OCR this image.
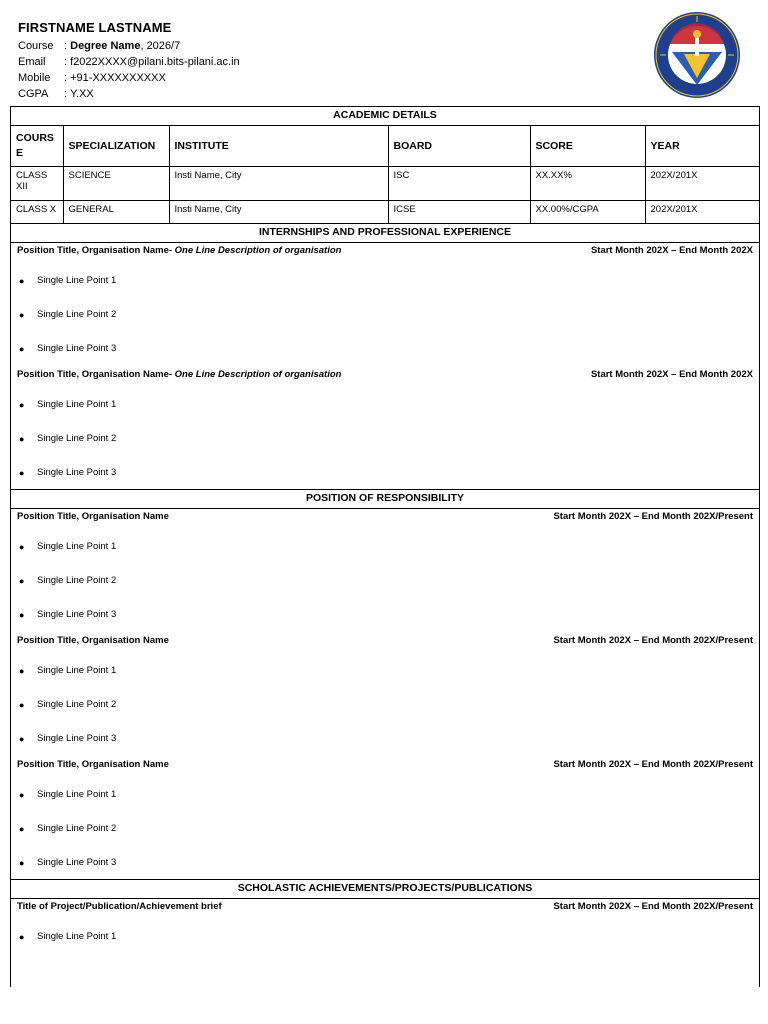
FIRSTNAME LASTNAME
Course :
Degree Name, 2026/7
Email	:
f2022XXXX@pilani.bits-pilani.ac.in
Mobile	:
+91-XXXXXXXXXX
CGPA	:
Y.XX
ACADEMIC DETAILS
COURS
E	SPECIALIZATION	INSTITUTE	BOARD	SCORE	YEAR
CLASS XII	SCIENCE	Insti Name, City	ISC	XX.XX%	202X/201X
CLASS X	GENERAL	Insti Name, City	ICSE	XX.00%/CGPA	202X/201X
INTERNSHIPS AND PROFESSIONAL EXPERIENCE
Position Title, Organisation Name- One Line Description of organisation	Start Month 202X – End Month 202X
●	Single Line Point 1
●	Single Line Point 2
●	Single Line Point 3
Position Title, Organisation Name- One Line Description of organisation	Start Month 202X – End Month 202X
●	Single Line Point 1
●	Single Line Point 2
●	Single Line Point 3
POSITION OF RESPONSIBILITY
Position Title, Organisation Name	Start Month 202X – End Month 202X/Present
●	Single Line Point 1
●	Single Line Point 2
●	Single Line Point 3
Position Title, Organisation Name	Start Month 202X – End Month 202X/Present
●	Single Line Point 1
●	Single Line Point 2
●	Single Line Point 3
Position Title, Organisation Name	Start Month 202X – End Month 202X/Present
●	Single Line Point 1
●	Single Line Point 2
●	Single Line Point 3
SCHOLASTIC ACHIEVEMENTS/PROJECTS/PUBLICATIONS
Title of Project/Publication/Achievement brief	Start Month 202X – End Month 202X/Present
●	Single Line Point 1
